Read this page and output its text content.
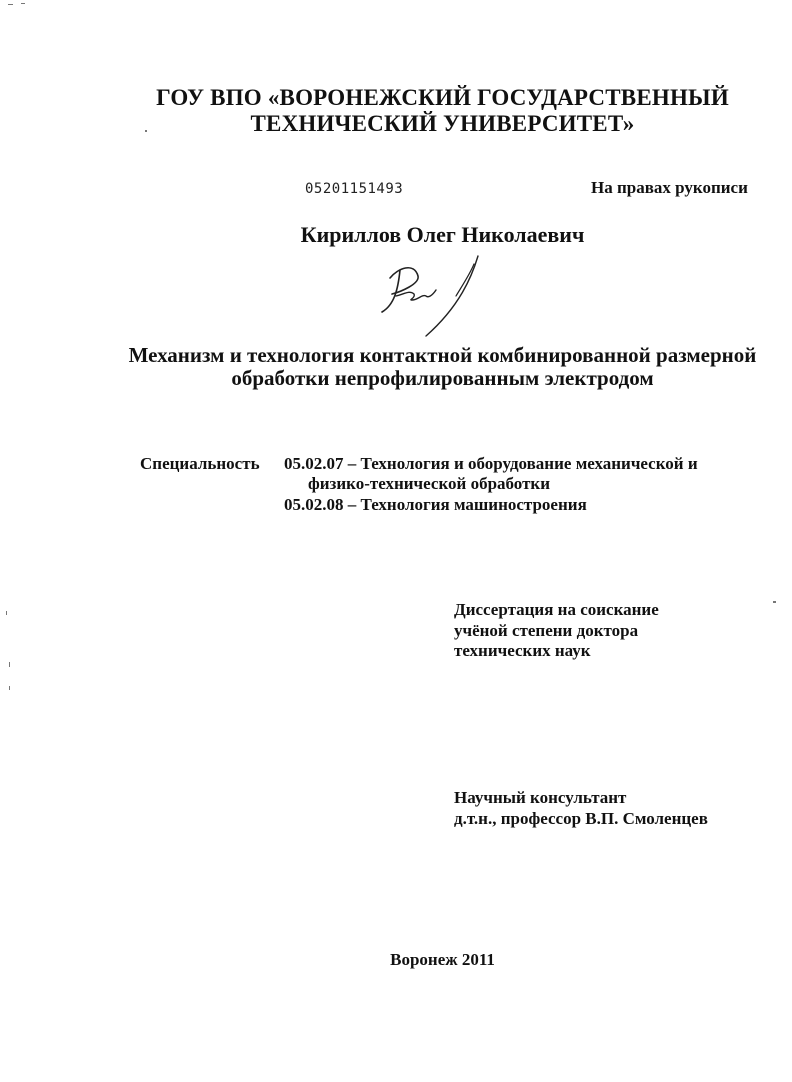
ГОУ ВПО «ВОРОНЕЖСКИЙ ГОСУДАРСТВЕННЫЙ
ТЕХНИЧЕСКИЙ УНИВЕРСИТЕТ»
05201151493	На правах рукописи
Кириллов Олег Николаевич
Механизм и технология контактной комбинированной размерной
обработки непрофилированным электродом
Специальность 05.02.07 – Технология и оборудование механической и
физико-технической обработки
05.02.08 – Технология машиностроения
Диссертация на соискание
учёной степени доктора
технических наук
Научный консультант
д.т.н., профессор В.П. Смоленцев
Воронеж 2011
